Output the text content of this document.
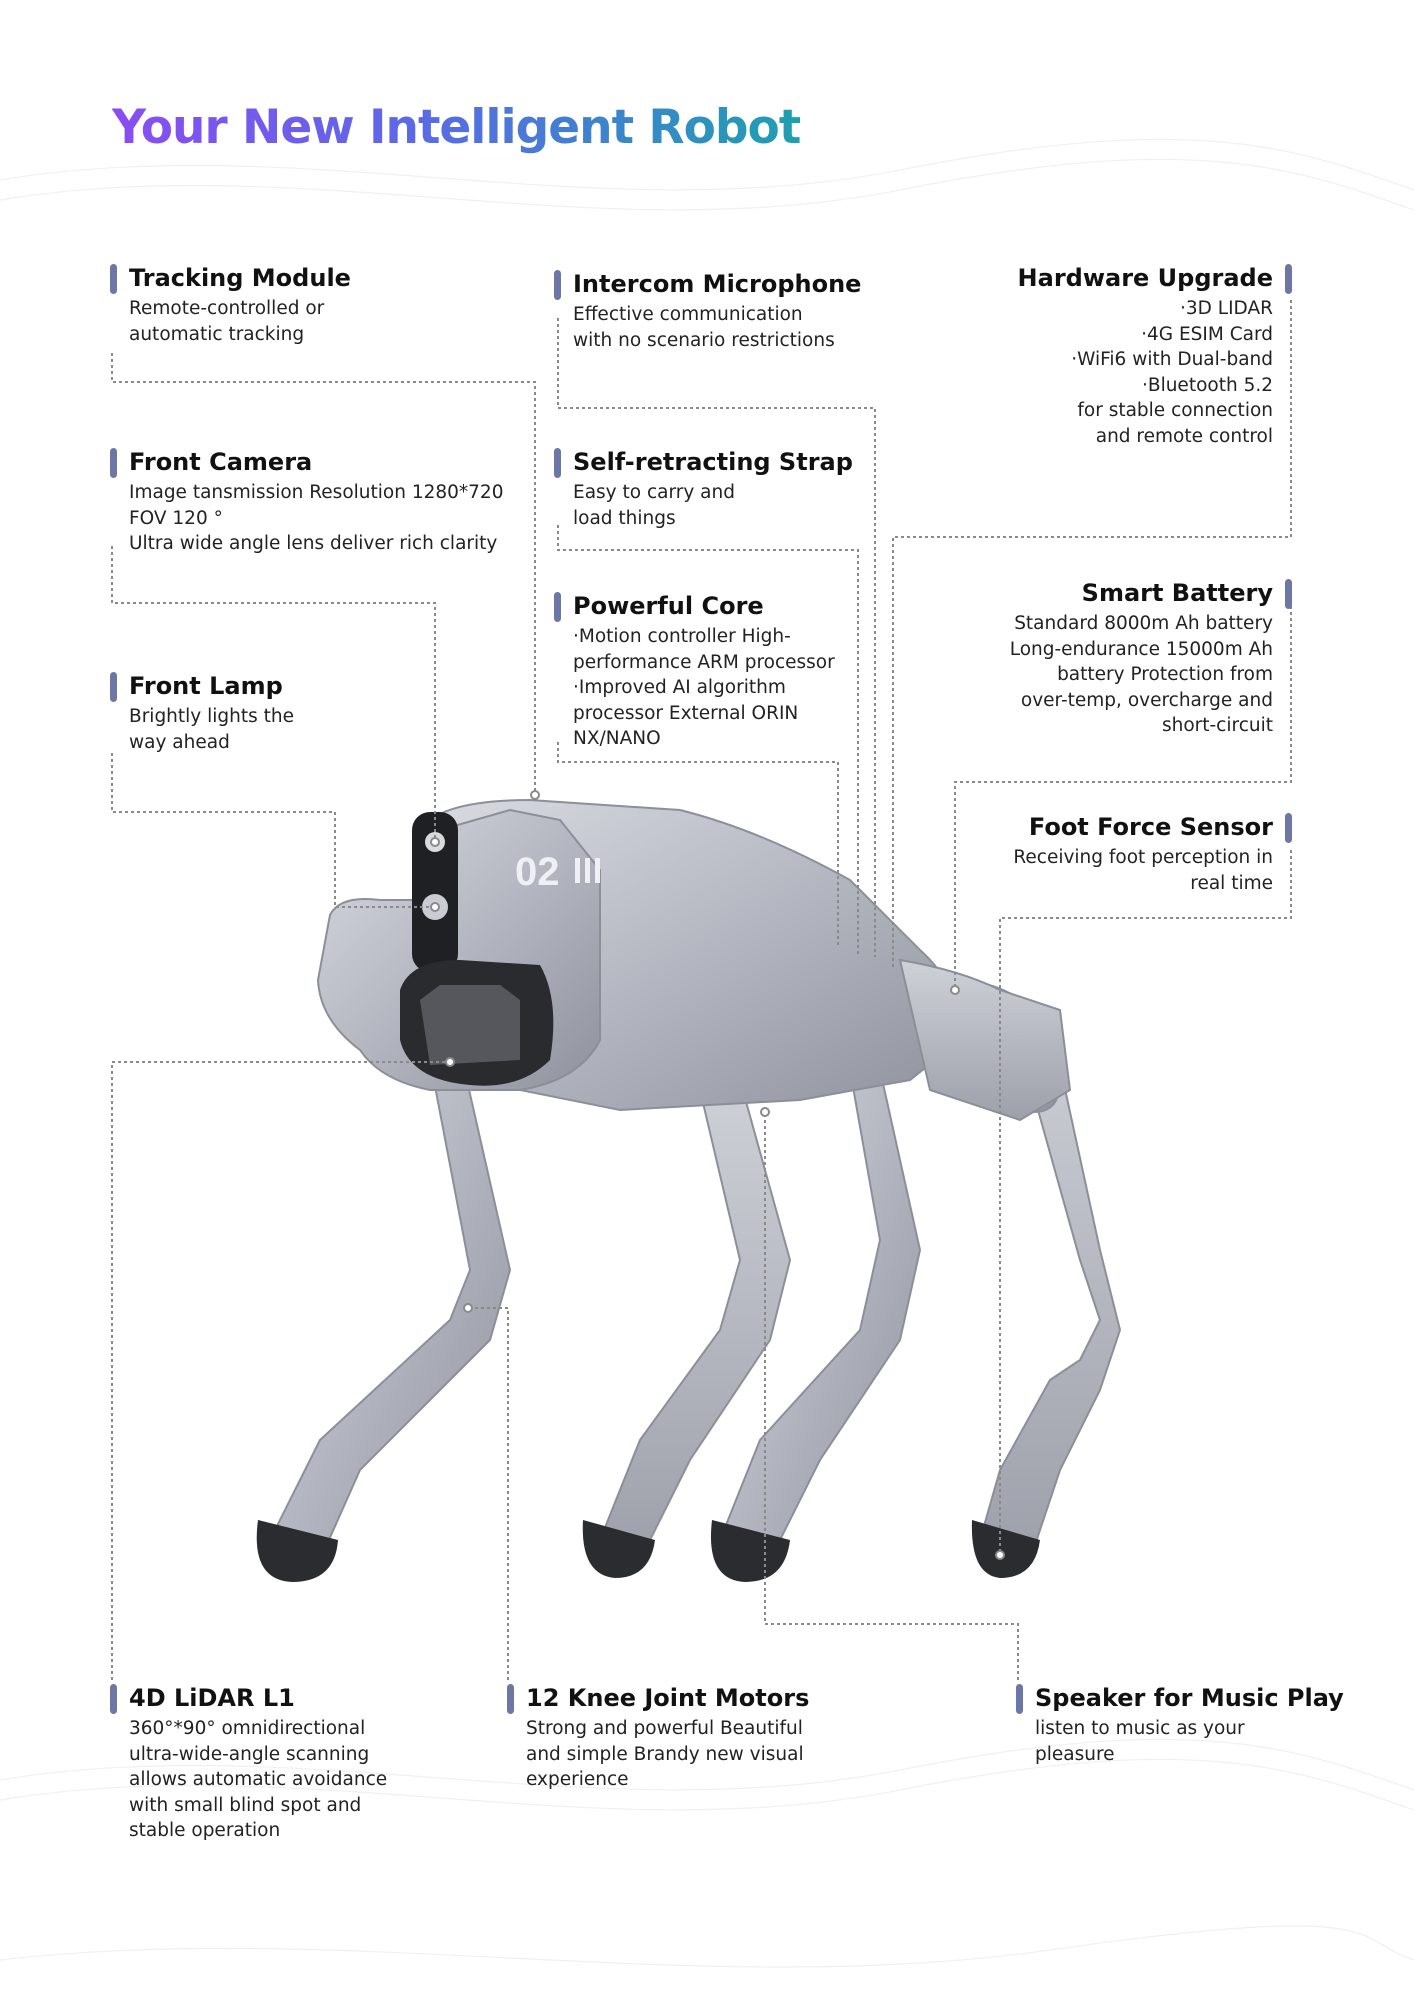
Your New Intelligent Robot
02
Tracking Module

Remote-controlled or
automatic tracking

Front Camera

Image tansmission Resolution 1280*720
FOV 120 °
Ultra wide angle lens deliver rich clarity

Front Lamp

Brightly lights the
way ahead

Intercom Microphone

Effective communication
with no scenario restrictions

Self-retracting Strap

Easy to carry and
load things

Powerful Core

·Motion controller High-
performance ARM processor
·Improved AI algorithm
processor External ORIN
NX/NANO

Hardware Upgrade

·3D LIDAR
·4G ESIM Card
·WiFi6 with Dual-band
·Bluetooth 5.2
for stable connection
and remote control

Smart Battery

Standard 8000m Ah battery
Long-endurance 15000m Ah
battery Protection from
over-temp, overcharge and
short-circuit

Foot Force Sensor

Receiving foot perception in
real time

4D LiDAR L1

360°*90° omnidirectional
ultra-wide-angle scanning
allows automatic avoidance
with small blind spot and
stable operation

12 Knee Joint Motors

Strong and powerful Beautiful
and simple Brandy new visual
experience

Speaker for Music Play

listen to music as your
pleasure
